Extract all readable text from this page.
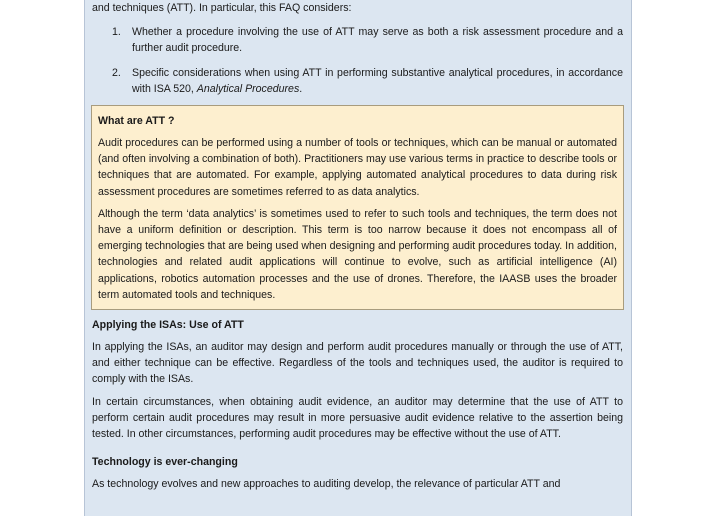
and techniques (ATT). In particular, this FAQ considers:

1. Whether a procedure involving the use of ATT may serve as both a risk assessment procedure and a further audit procedure.
2. Specific considerations when using ATT in performing substantive analytical procedures, in accordance with ISA 520, Analytical Procedures.
What are ATT ?

Audit procedures can be performed using a number of tools or techniques, which can be manual or automated (and often involving a combination of both). Practitioners may use various terms in practice to describe tools or techniques that are automated. For example, applying automated analytical procedures to data during risk assessment procedures are sometimes referred to as data analytics.

Although the term ‘data analytics’ is sometimes used to refer to such tools and techniques, the term does not have a uniform definition or description. This term is too narrow because it does not encompass all of emerging technologies that are being used when designing and performing audit procedures today. In addition, technologies and related audit applications will continue to evolve, such as artificial intelligence (AI) applications, robotics automation processes and the use of drones. Therefore, the IAASB uses the broader term automated tools and techniques.

Applying the ISAs: Use of ATT

In applying the ISAs, an auditor may design and perform audit procedures manually or through the use of ATT, and either technique can be effective. Regardless of the tools and techniques used, the auditor is required to comply with the ISAs.

In certain circumstances, when obtaining audit evidence, an auditor may determine that the use of ATT to perform certain audit procedures may result in more persuasive audit evidence relative to the assertion being tested. In other circumstances, performing audit procedures may be effective without the use of ATT.

Technology is ever-changing

As technology evolves and new approaches to auditing develop, the relevance of particular ATT and
